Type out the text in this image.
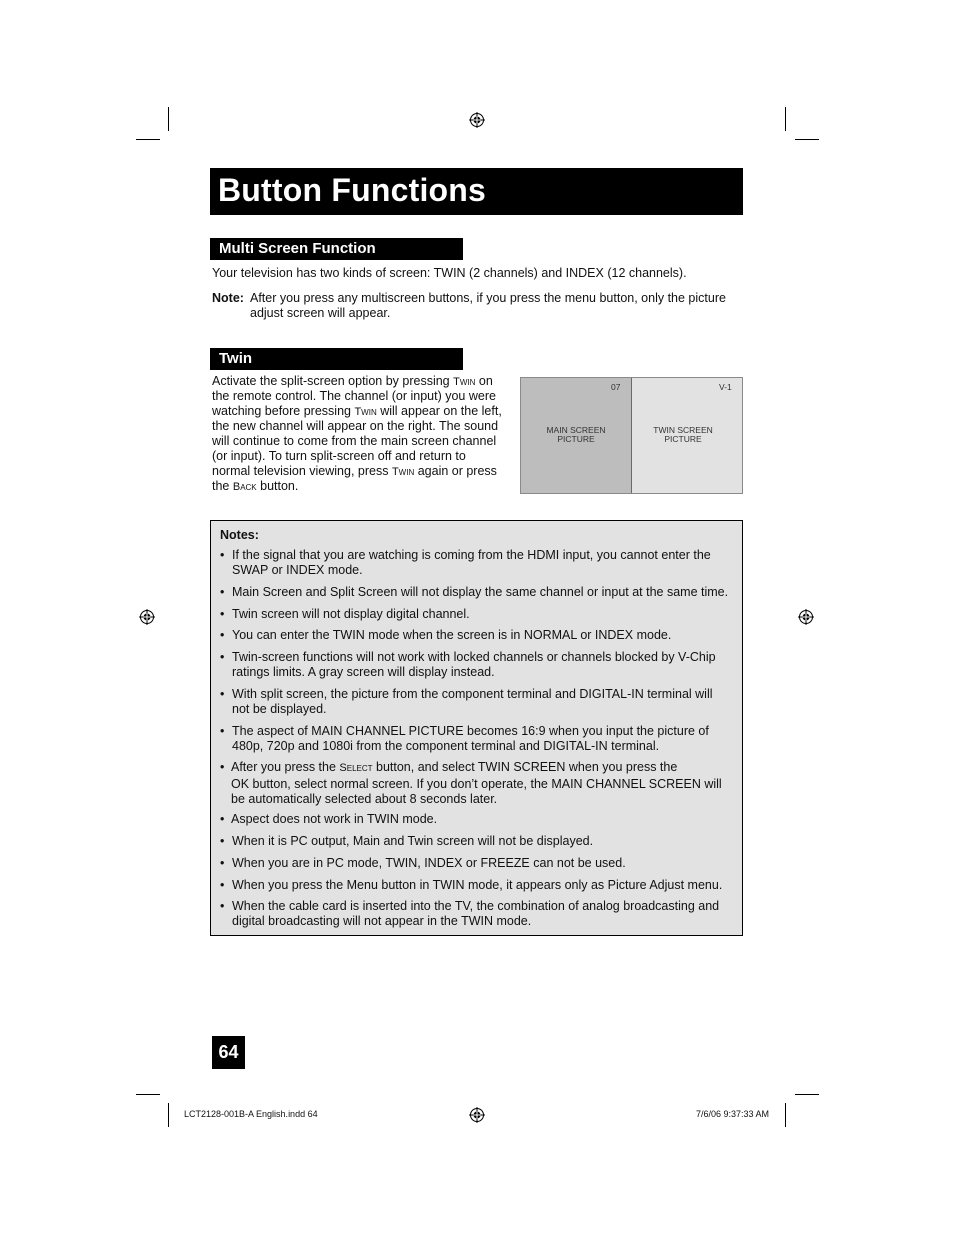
Button Functions
Multi Screen Function
Your television has two kinds of screen: TWIN (2 channels) and INDEX (12 channels).
Note: After you press any multiscreen buttons, if you press the menu button, only the picture
adjust screen will appear.
Twin
Activate the split-screen option by pressing Twin on
the remote control. The channel (or input) you were
watching before pressing Twin will appear on the left,
the new channel will appear on the right. The sound
will continue to come from the main screen channel
(or input). To turn split-screen off and return to
normal television viewing, press Twin again or press
the Back button.
07
MAIN SCREEN
PICTURE
V-1
TWIN SCREEN
PICTURE
Notes:
• If the signal that you are watching is coming from the HDMI input, you cannot enter the
SWAP or INDEX mode.
• Main Screen and Split Screen will not display the same channel or input at the same time.
• Twin screen will not display digital channel.
• You can enter the TWIN mode when the screen is in NORMAL or INDEX mode.
• Twin-screen functions will not work with locked channels or channels blocked by V-Chip
ratings limits. A gray screen will display instead.
• With split screen, the picture from the component terminal and DIGITAL-IN terminal will
not be displayed.
• The aspect of MAIN CHANNEL PICTURE becomes 16:9 when you input the picture of
480p, 720p and 1080i from the component terminal and DIGITAL-IN terminal.
• After you press the Select button, and select TWIN SCREEN when you press the
OK button, select normal screen. If you don’t operate, the MAIN CHANNEL SCREEN will
be automatically selected about 8 seconds later.
• Aspect does not work in TWIN mode.
• When it is PC output, Main and Twin screen will not be displayed.
• When you are in PC mode, TWIN, INDEX or FREEZE can not be used.
• When you press the Menu button in TWIN mode, it appears only as Picture Adjust menu.
• When the cable card is inserted into the TV, the combination of analog broadcasting and
digital broadcasting will not appear in the TWIN mode.
64
LCT2128-001B-A English.indd 64	7/6/06 9:37:33 AM
